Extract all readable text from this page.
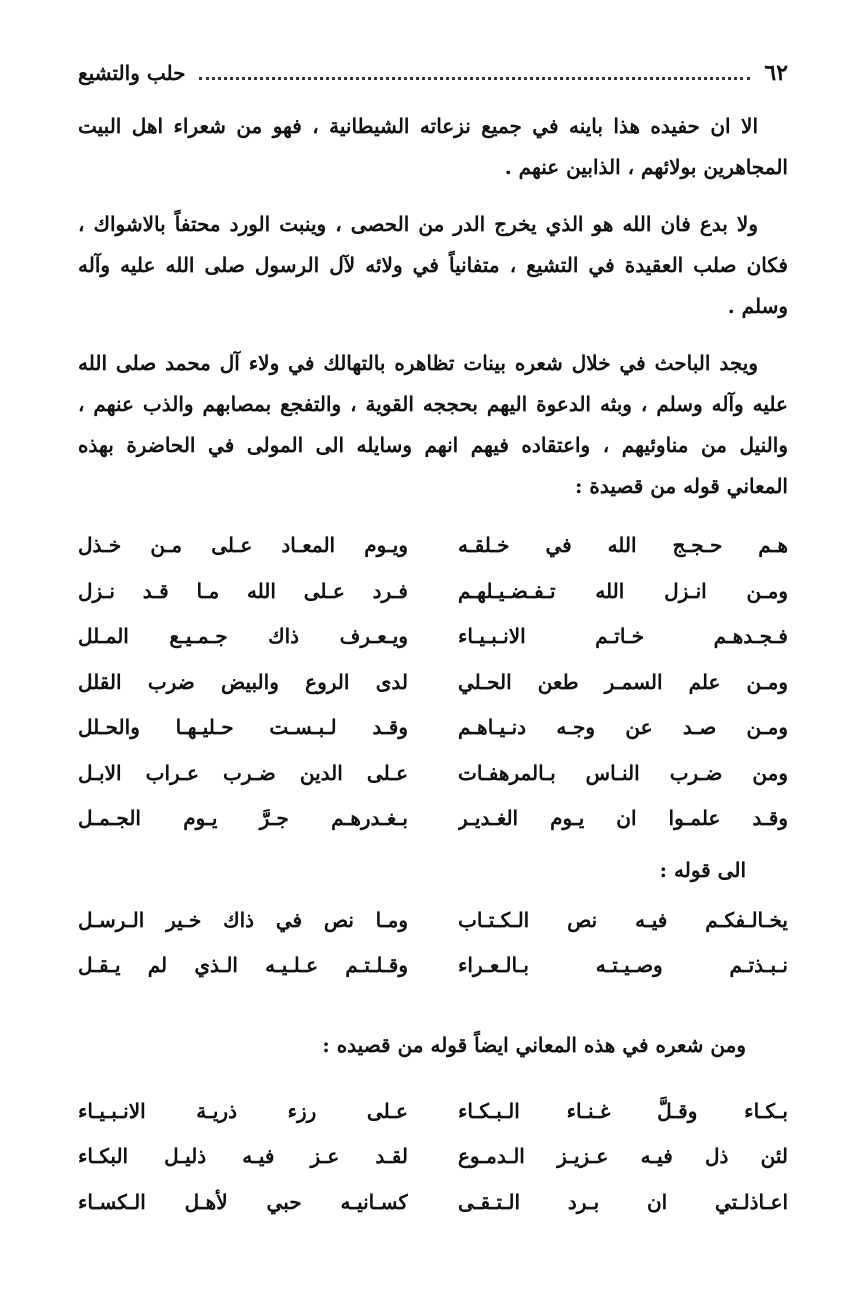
٦٢
حلب والتشيع

الا ان حفيده هذا باينه في جميع نزعاته الشيطانية ، فهو من شعراء اهل البيت المجاهرين بولائهم ، الذابين عنهم .

ولا بدع فان الله هو الذي يخرج الدر من الحصى ، وينبت الورد محتفاً بالاشواك ، فكان صلب العقيدة في التشيع ، متفانياً في ولائه لآل الرسول صلى الله عليه وآله وسلم .

ويجد الباحث في خلال شعره بينات تظاهره بالتهالك في ولاء آل محمد صلى الله عليه وآله وسلم ، وبثه الدعوة اليهم بحججه القوية ، والتفجع بمصابهم والذب عنهم ، والنيل من مناوئيهم ، واعتقاده فيهم انهم وسايله الى المولى في الحاضرة بهذه المعاني قوله من قصيدة :

هـم حـجـج الله في خـلقـه
ويـوم المعـاد عـلى مـن خـذل
ومـن انـزل الله تـفـضـيـلهـم
فـرد عـلى الله مـا قـد نـزل
فـجـدهـم خـاتـم الانـبـيـاء
ويـعـرف ذاك جـمـيـع المـلل
ومـن علم السمـر طعن الحـلي
لدى الروع والبيض ضرب القلل
ومـن صـد عن وجـه دنـيـاهـم
وقـد لـبـسـت حـليـهـا والحـلل
ومن ضـرب النـاس بـالمرهفـات
عـلى الدين ضـرب عـراب الابـل
وقـد علمـوا ان يـوم الغـديـر
بـغـدرهـم جـرَّ يـوم الجـمـل
الى قوله :
يخـالـفكـم فيـه نص الـكـتـاب
ومـا نص في ذاك خـير الـرسـل
نـبـذتـم وصـيـتـه بـالـعـراء
وقـلـتـم عـلـيـه الـذي لم يـقـل
ومن شعره في هذه المعاني ايضاً قوله من قصيده :
بـكـاء وقـلَّ غـنـاء الـبـكـاء
عـلى رزء ذريـة الانـبـيـاء
لئن ذل فيـه عـزيـز الـدمـوع
لقـد عـز فيـه ذليـل البكـاء
اعـاذلـتي ان بـرد الـتـقـى
كسـانيـه حبي لأهـل الـكسـاء
